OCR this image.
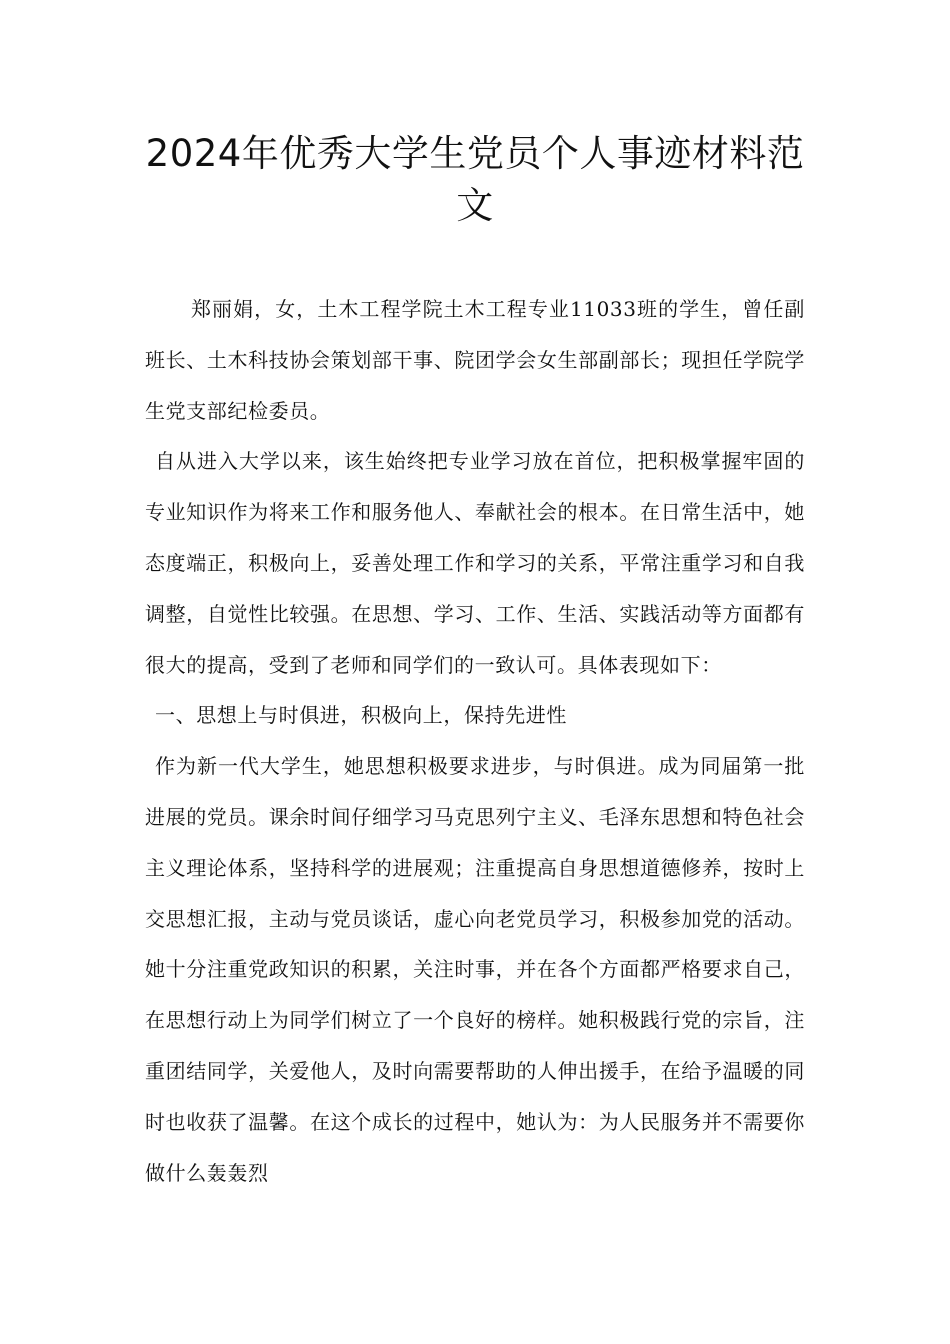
2024年优秀大学生党员个人事迹材料范文

郑丽娟，女，土木工程学院土木工程专业11033班的学生，曾任副班长、土木科技协会策划部干事、院团学会女生部副部长；现担任学院学生党支部纪检委员。

自从进入大学以来，该生始终把专业学习放在首位，把积极掌握牢固的专业知识作为将来工作和服务他人、奉献社会的根本。在日常生活中，她态度端正，积极向上，妥善处理工作和学习的关系，平常注重学习和自我调整，自觉性比较强。在思想、学习、工作、生活、实践活动等方面都有很大的提高，受到了老师和同学们的一致认可。具体表现如下：

一、思想上与时俱进，积极向上，保持先进性

作为新一代大学生，她思想积极要求进步，与时俱进。成为同届第一批进展的党员。课余时间仔细学习马克思列宁主义、毛泽东思想和特色社会主义理论体系，坚持科学的进展观；注重提高自身思想道德修养，按时上交思想汇报，主动与党员谈话，虚心向老党员学习，积极参加党的活动。她十分注重党政知识的积累，关注时事，并在各个方面都严格要求自己，在思想行动上为同学们树立了一个良好的榜样。她积极践行党的宗旨，注重团结同学，关爱他人，及时向需要帮助的人伸出援手，在给予温暖的同时也收获了温馨。在这个成长的过程中，她认为：为人民服务并不需要你做什么轰轰烈
